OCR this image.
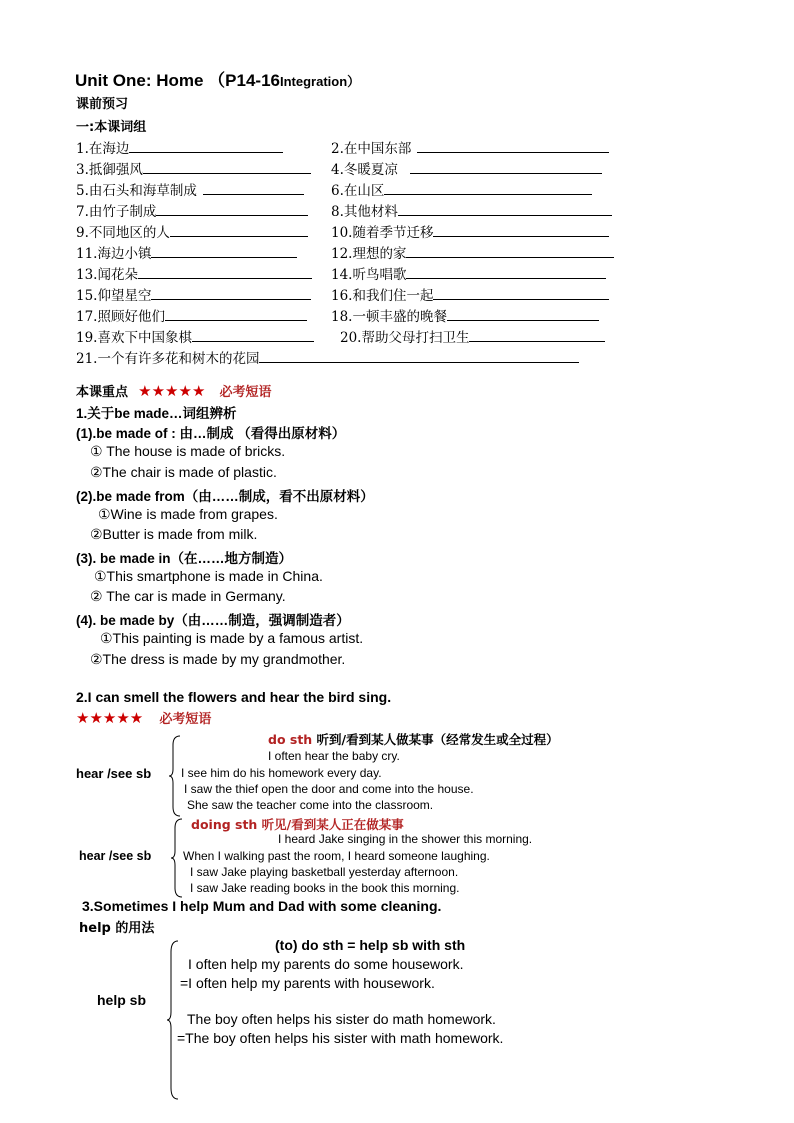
Unit One: Home （P14-16Integration）
课前预习
一:本课词组
1.在海边	2.在中国东部
3.抵御强风	4.冬暖夏凉
5.由石头和海草制成	6.在山区
7.由竹子制成	8.其他材料
9.不同地区的人	10.随着季节迁移
11.海边小镇	12.理想的家
13.闻花朵	14.听鸟唱歌
15.仰望星空	16.和我们住一起
17.照顾好他们	18.一顿丰盛的晚餐
19.喜欢下中国象棋	20.帮助父母打扫卫生
21.一个有许多花和树木的花园
本课重点 ★★★★★ 必考短语
1.关于be made…词组辨析
(1).be made of : 由…制成 （看得出原材料）
① The house is made of bricks.
②The chair is made of plastic.
(2).be made from（由……制成，看不出原材料）
①Wine is made from grapes.
②Butter is made from milk.
(3). be made in（在……地方制造）
①This smartphone is made in China.
② The car is made in Germany.
(4). be made by（由……制造，强调制造者）
①This painting is made by a famous artist.
②The dress is made by my grandmother.
2.I can smell the flowers and hear the bird sing.
★★★★★ 必考短语
do sth 听到/看到某人做某事（经常发生或全过程）
hear /see sb
I often hear the baby cry.
I see him do his homework every day.
I saw the thief open the door and come into the house.
She saw the teacher come into the classroom.
doing sth 听见/看到某人正在做某事
hear /see sb
I heard Jake singing in the shower this morning.
When I walking past the room, I heard someone laughing.
I saw Jake playing basketball yesterday afternoon.
I saw Jake reading books in the book this morning.
3.Sometimes I help Mum and Dad with some cleaning.
help 的用法
(to) do sth = help sb with sth
help sb
I often help my parents do some housework.
=I often help my parents with housework.
The boy often helps his sister do math homework.
=The boy often helps his sister with math homework.
